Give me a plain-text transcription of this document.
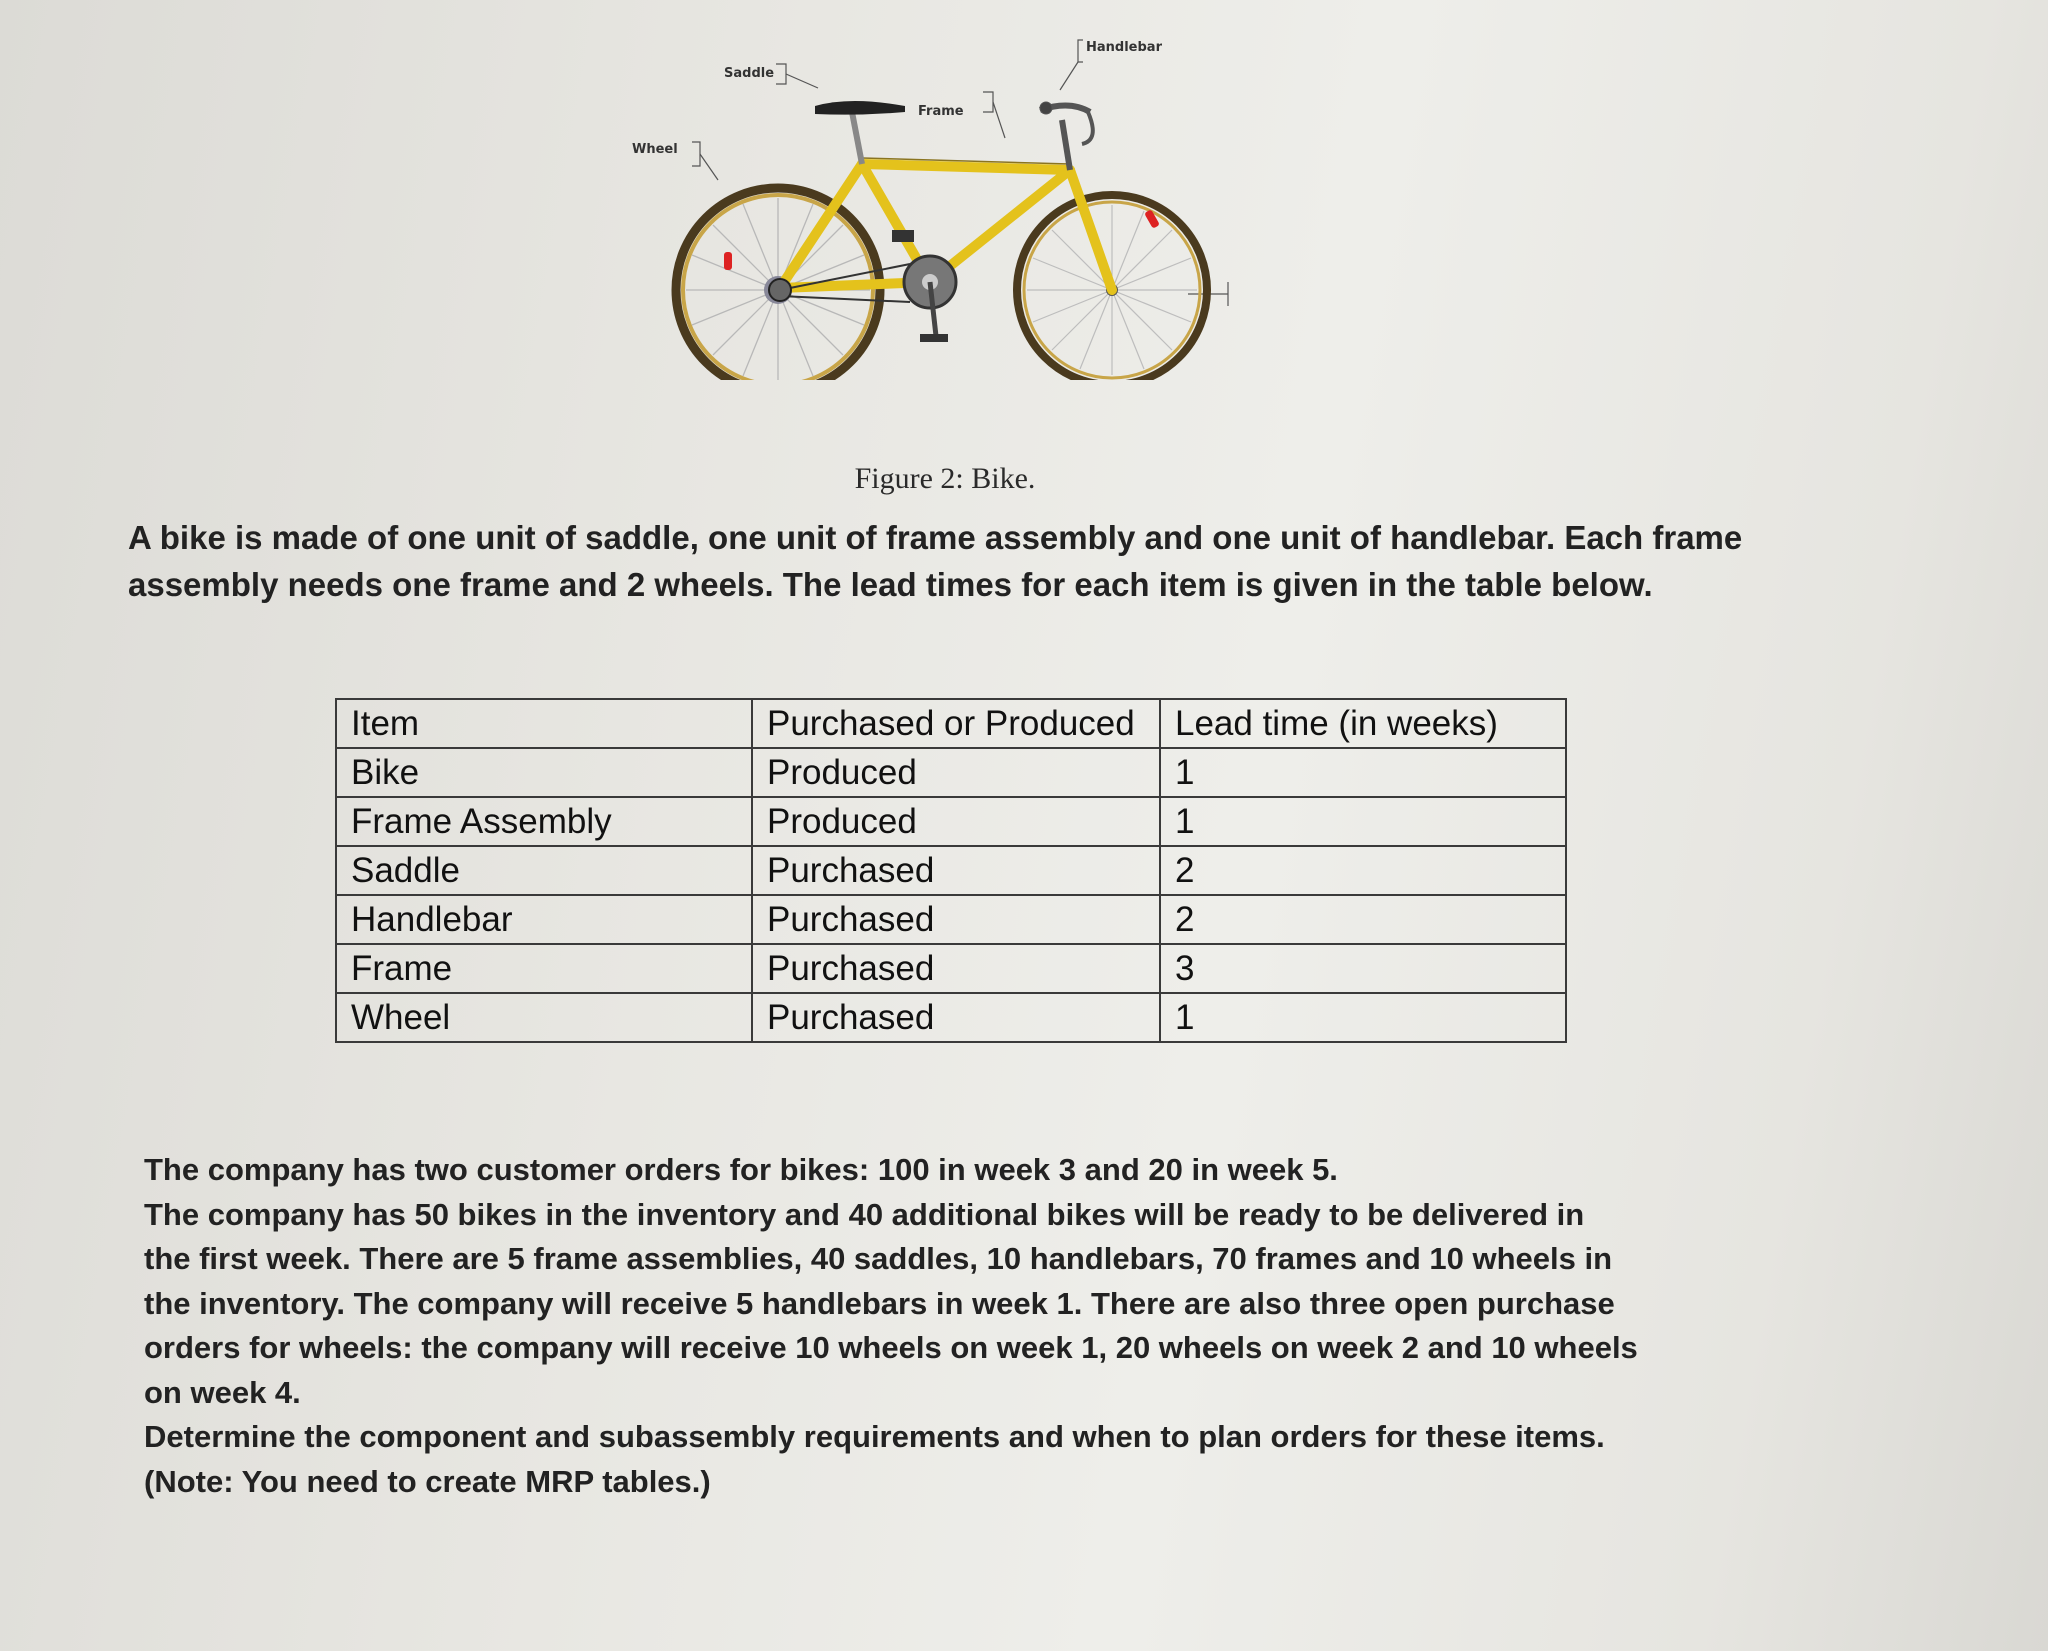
Saddle
Frame
Handlebar
Wheel
Figure 2: Bike.
A bike is made of one unit of saddle, one unit of frame assembly and one unit of handlebar. Each frame
assembly needs one frame and 2 wheels. The lead times for each item is given in the table below.
Item	Purchased or Produced	Lead time (in weeks)
Bike	Produced	1
Frame Assembly	Produced	1
Saddle	Purchased	2
Handlebar	Purchased	2
Frame	Purchased	3
Wheel	Purchased	1

The company has two customer orders for bikes: 100 in week 3 and 20 in week 5.

The company has 50 bikes in the inventory and 40 additional bikes will be ready to be delivered in

the first week. There are 5 frame assemblies, 40 saddles, 10 handlebars, 70 frames and 10 wheels in

the inventory. The company will receive 5 handlebars in week 1. There are also three open purchase

orders for wheels: the company will receive 10 wheels on week 1, 20 wheels on week 2 and 10 wheels

on week 4.

Determine the component and subassembly requirements and when to plan orders for these items.

(Note: You need to create MRP tables.)
